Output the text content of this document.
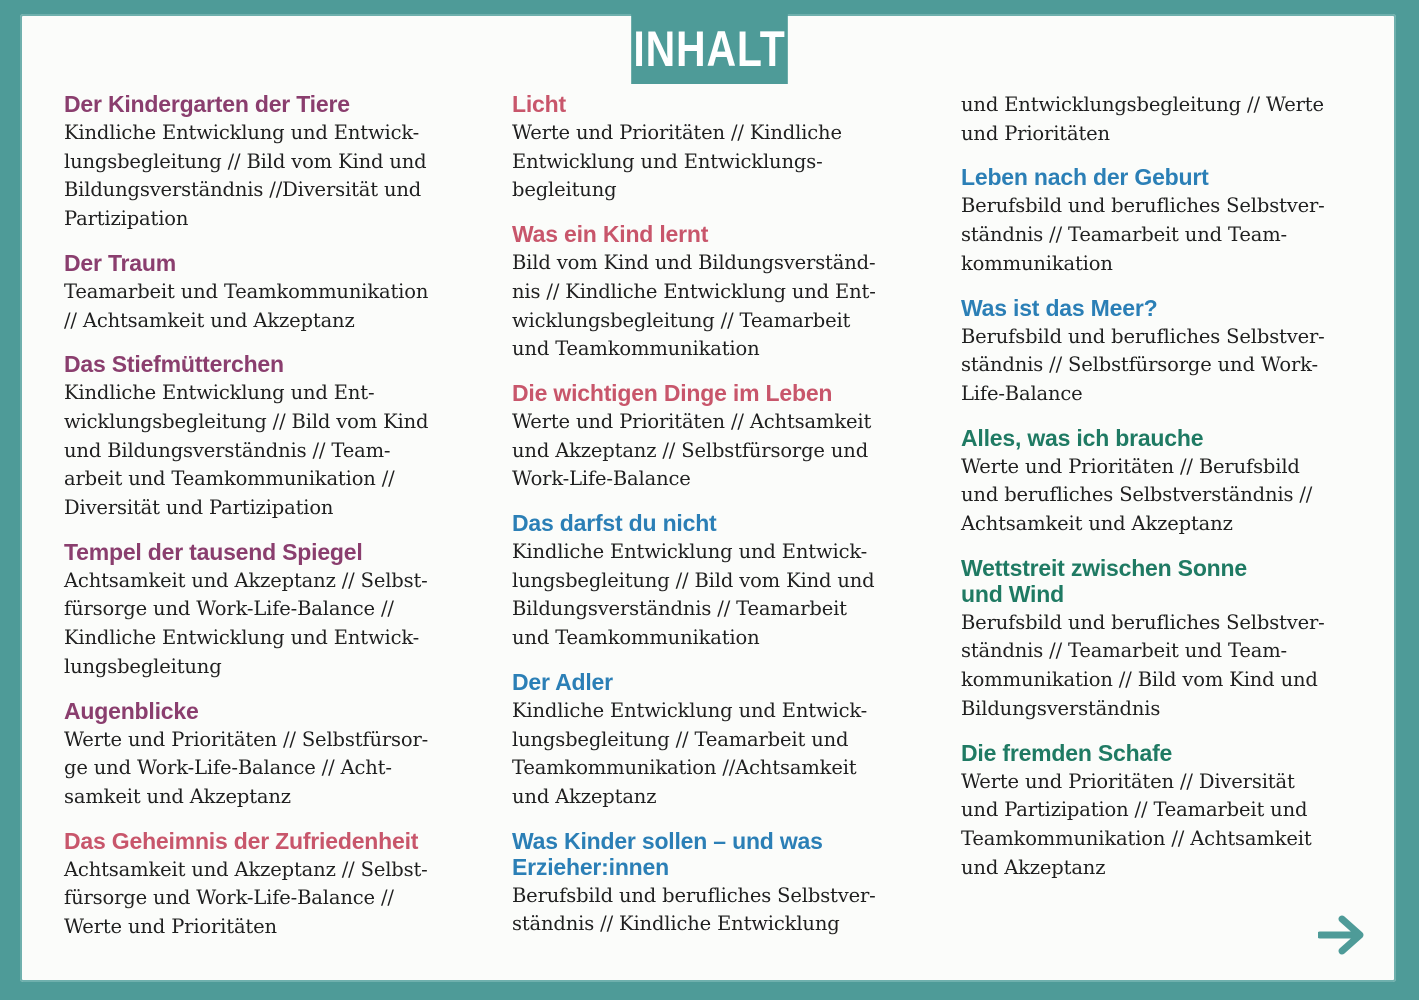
INHALT
Der Kindergarten der Tiere

Kindliche Entwicklung und Entwick-
lungsbegleitung // Bild vom Kind und
Bildungsverständnis //Diversität und
Partizipation

Der Traum

Teamarbeit und Teamkommunikation
// Achtsamkeit und Akzeptanz

Das Stiefmütterchen

Kindliche Entwicklung und Ent-
wicklungsbegleitung // Bild vom Kind
und Bildungsverständnis // Team-
arbeit und Teamkommunikation //
Diversität und Partizipation

Tempel der tausend Spiegel

Achtsamkeit und Akzeptanz // Selbst-
fürsorge und Work-Life-Balance //
Kindliche Entwicklung und Entwick-
lungsbegleitung

Augenblicke

Werte und Prioritäten // Selbstfürsor-
ge und Work-Life-Balance // Acht-
samkeit und Akzeptanz

Das Geheimnis der Zufriedenheit

Achtsamkeit und Akzeptanz // Selbst-
fürsorge und Work-Life-Balance //
Werte und Prioritäten

Licht

Werte und Prioritäten // Kindliche
Entwicklung und Entwicklungs-
begleitung

Was ein Kind lernt

Bild vom Kind und Bildungsverständ-
nis // Kindliche Entwicklung und Ent-
wicklungsbegleitung // Teamarbeit
und Teamkommunikation

Die wichtigen Dinge im Leben

Werte und Prioritäten // Achtsamkeit
und Akzeptanz // Selbstfürsorge und
Work-Life-Balance

Das darfst du nicht

Kindliche Entwicklung und Entwick-
lungsbegleitung // Bild vom Kind und
Bildungsverständnis // Teamarbeit
und Teamkommunikation

Der Adler

Kindliche Entwicklung und Entwick-
lungsbegleitung // Teamarbeit und
Teamkommunikation //Achtsamkeit
und Akzeptanz

Was Kinder sollen – und was
Erzieher:innen

Berufsbild und berufliches Selbstver-
ständnis // Kindliche Entwicklung

und Entwicklungsbegleitung // Werte
und Prioritäten

Leben nach der Geburt

Berufsbild und berufliches Selbstver-
ständnis // Teamarbeit und Team-
kommunikation

Was ist das Meer?

Berufsbild und berufliches Selbstver-
ständnis // Selbstfürsorge und Work-
Life-Balance

Alles, was ich brauche

Werte und Prioritäten // Berufsbild
und berufliches Selbstverständnis //
Achtsamkeit und Akzeptanz

Wettstreit zwischen Sonne
und Wind

Berufsbild und berufliches Selbstver-
ständnis // Teamarbeit und Team-
kommunikation // Bild vom Kind und
Bildungsverständnis

Die fremden Schafe

Werte und Prioritäten // Diversität
und Partizipation // Teamarbeit und
Teamkommunikation // Achtsamkeit
und Akzeptanz
